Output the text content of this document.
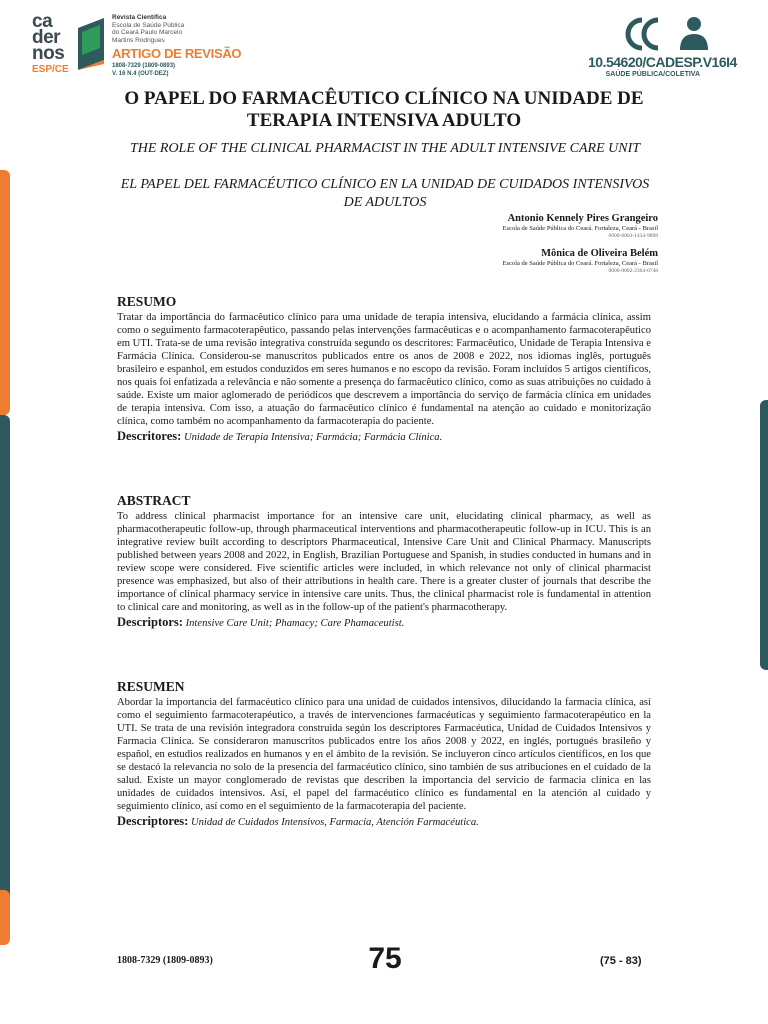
ca
der
nos
ESP/CE
Revista Científica
Escola de Saúde Pública
do Ceará Paulo Marcelo
Martins Rodrigues
ARTIGO DE REVISÃO
1808-7329 (1809-0893)
V. 16 N.4 (OUT-DEZ)
10.54620/CADESP.V16I4
SAÚDE PÚBLICA/COLETIVA
O PAPEL DO FARMACÊUTICO CLÍNICO NA UNIDADE DE TERAPIA INTENSIVA ADULTO
THE ROLE OF THE CLINICAL PHARMACIST IN THE ADULT INTENSIVE CARE UNIT
EL PAPEL DEL FARMACÉUTICO CLÍNICO EN LA UNIDAD DE CUIDADOS INTENSIVOS DE ADULTOS
Antonio Kennely Pires Grangeiro
Escola de Saúde Pública do Ceará. Fortaleza, Ceará - Brasil
0000-0003-1434-9898
Mônica de Oliveira Belém
Escola de Saúde Pública do Ceará. Fortaleza, Ceará - Brasil
0000-0002-2304-0748
RESUMO

Tratar da importância do farmacêutico clínico para uma unidade de terapia intensiva, elucidando a farmácia clínica, assim como o seguimento farmacoterapêutico, passando pelas intervenções farmacêuticas e o acompanhamento farmacoterapêutico em UTI. Trata-se de uma revisão integrativa construída segundo os descritores: Farmacêutico, Unidade de Terapia Intensiva e Farmácia Clínica. Considerou-se manuscritos publicados entre os anos de 2008 e 2022, nos idiomas inglês, português brasileiro e espanhol, em estudos conduzidos em seres humanos e no escopo da revisão. Foram incluídos 5 artigos científicos, nos quais foi enfatizada a relevância e não somente a presença do farmacêutico clínico, como as suas atribuições no cuidado à saúde. Existe um maior aglomerado de periódicos que descrevem a importância do serviço de farmácia clínica em unidades de terapia intensiva. Com isso, a atuação do farmacêutico clínico é fundamental na atenção ao cuidado e monitorização clínica, como também no acompanhamento da farmacoterapia do paciente.

Descritores: Unidade de Terapia Intensiva; Farmácia; Farmácia Clínica.

ABSTRACT

To address clinical pharmacist importance for an intensive care unit, elucidating clinical pharmacy, as well as pharmacotherapeutic follow-up, through pharmaceutical interventions and pharmacotherapeutic follow-up in ICU. This is an integrative review built according to descriptors Pharmaceutical, Intensive Care Unit and Clinical Pharmacy. Manuscripts published between years 2008 and 2022, in English, Brazilian Portuguese and Spanish, in studies conducted in humans and in review scope were considered. Five scientific articles were included, in which relevance not only of clinical pharmacist presence was emphasized, but also of their attributions in health care. There is a greater cluster of journals that describe the importance of clinical pharmacy service in intensive care units. Thus, the clinical pharmacist role is fundamental in attention to clinical care and monitoring, as well as in the follow-up of the patient's pharmacotherapy.

Descriptors: Intensive Care Unit; Phamacy; Care Phamaceutist.

RESUMEN

Abordar la importancia del farmacéutico clínico para una unidad de cuidados intensivos, dilucidando la farmacia clínica, así como el seguimiento farmacoterapéutico, a través de intervenciones farmacéuticas y seguimiento farmacoterapéutico en la UTI. Se trata de una revisión integradora construida según los descriptores Farmacéutica, Unidad de Cuidados Intensivos y Farmacia Clínica. Se consideraron manuscritos publicados entre los años 2008 y 2022, en inglés, portugués brasileño y español, en estudios realizados en humanos y en el ámbito de la revisión. Se incluyeron cinco artículos científicos, en los que se destacó la relevancia no solo de la presencia del farmacéutico clínico, sino también de sus atribuciones en el cuidado de la salud. Existe un mayor conglomerado de revistas que describen la importancia del servicio de farmacia clínica en las unidades de cuidados intensivos. Así, el papel del farmacéutico clínico es fundamental en la atención al cuidado y seguimiento clínico, así como en el seguimiento de la farmacoterapia del paciente.

Descriptores: Unidad de Cuidados Intensivos, Farmacia, Atención Farmacéutica.

1808-7329 (1809-0893)	75	(75 - 83)
